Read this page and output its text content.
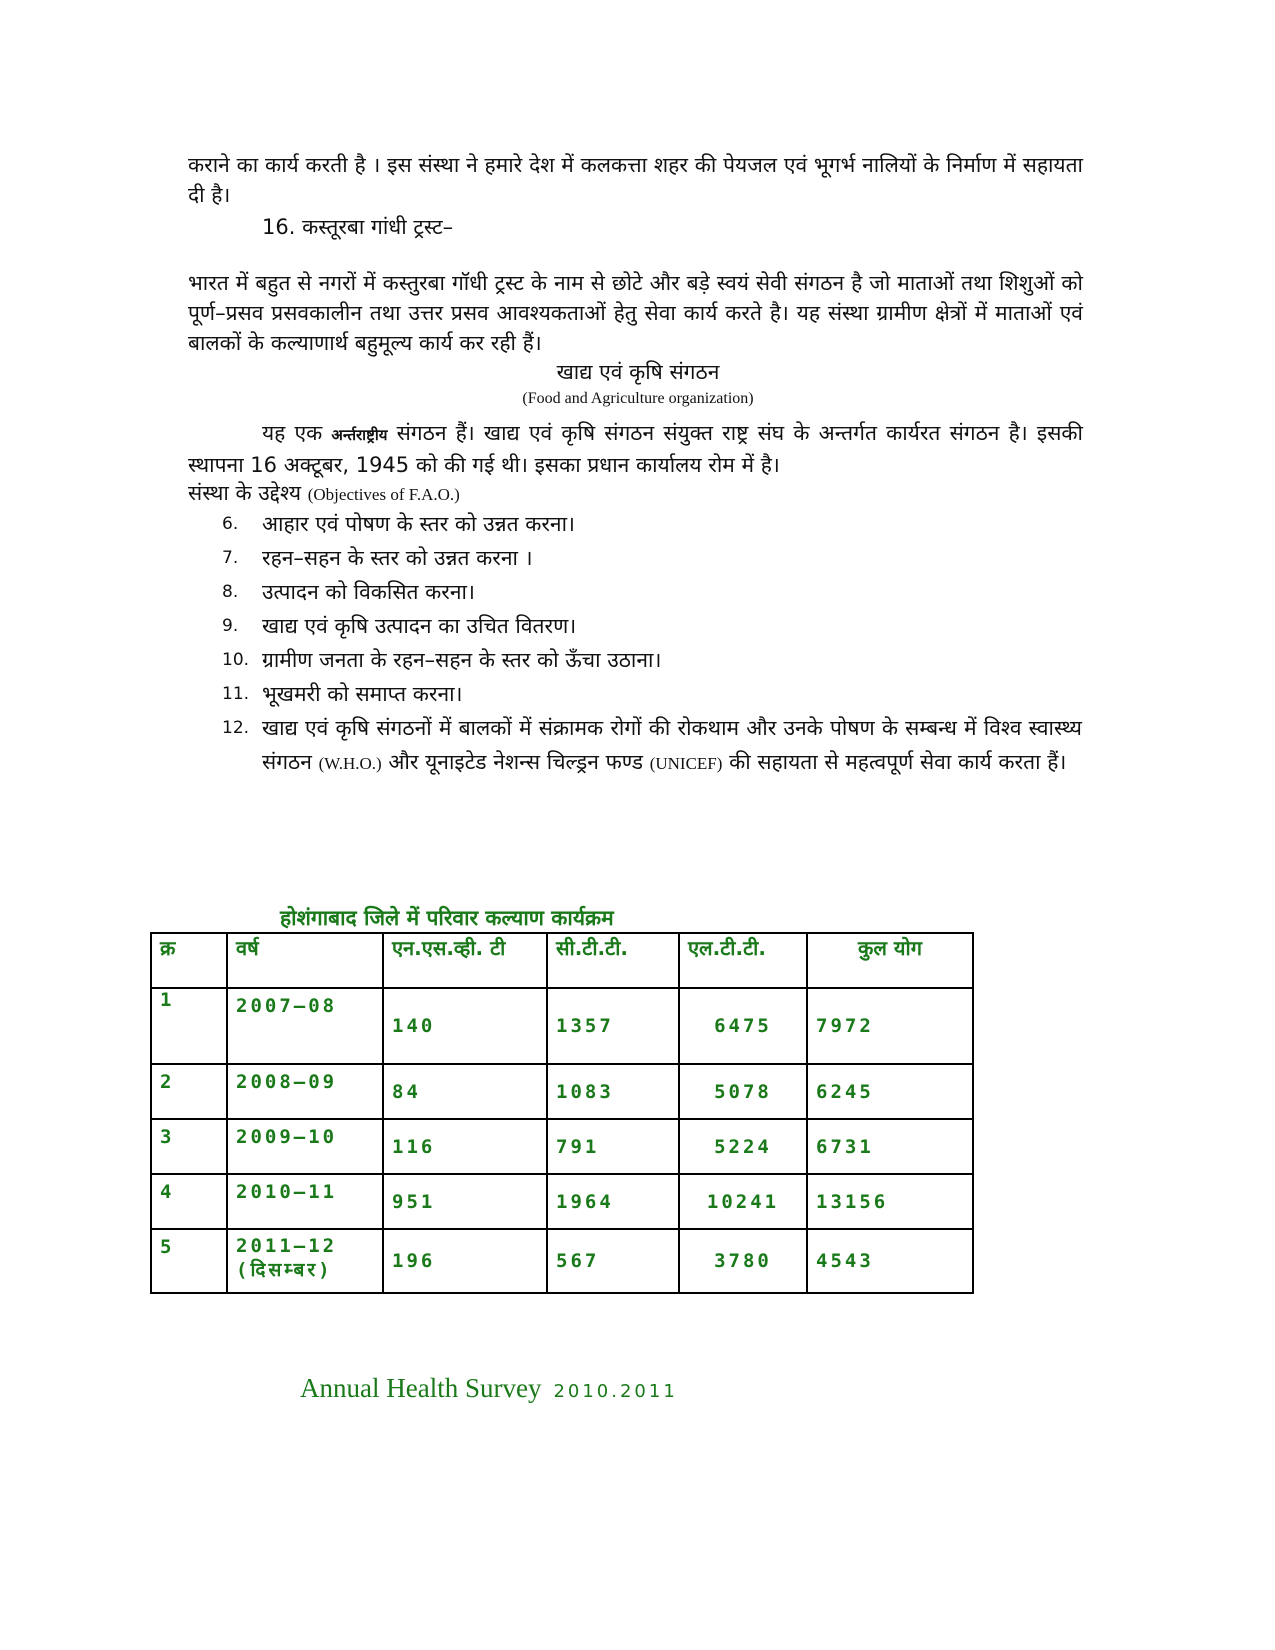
कराने का कार्य करती है । इस संस्था ने हमारे देश में कलकत्ता शहर की पेयजल एवं भूगर्भ नालियों के निर्माण में सहायता दी है।
16. कस्तूरबा गांधी ट्रस्ट–
भारत में बहुत से नगरों में कस्तुरबा गॉधी ट्रस्ट के नाम से छोटे और बड़े स्वयं सेवी संगठन है जो माताओं तथा शिशुओं को पूर्ण–प्रसव प्रसवकालीन तथा उत्तर प्रसव आवश्यकताओं हेतु सेवा कार्य करते है। यह संस्था ग्रामीण क्षेत्रों में माताओं एवं बालकों के कल्याणार्थ बहुमूल्य कार्य कर रही हैं।
खाद्य एवं कृषि संगठन
(Food and Agriculture organization)
यह एक अर्न्तराष्ट्रीय संगठन हैं। खाद्य एवं कृषि संगठन संयुक्त राष्ट्र संघ के अन्तर्गत कार्यरत संगठन है। इसकी स्थापना 16 अक्टूबर, 1945 को की गई थी। इसका प्रधान कार्यालय रोम में है।
संस्था के उद्देश्य (Objectives of F.A.O.)
6. आहार एवं पोषण के स्तर को उन्नत करना।
7. रहन–सहन के स्तर को उन्नत करना ।
8. उत्पादन को विकसित करना।
9. खाद्य एवं कृषि उत्पादन का उचित वितरण।
10. ग्रामीण जनता के रहन–सहन के स्तर को ऊँचा उठाना।
11. भूखमरी को समाप्त करना।
12. खाद्य एवं कृषि संगठनों में बालकों में संक्रामक रोगों की रोकथाम और उनके पोषण के सम्बन्ध में विश्व स्वास्थ्य संगठन (W.H.O.) और यूनाइटेड नेशन्स चिल्ड्रन फण्ड (UNICEF) की सहायता से महत्वपूर्ण सेवा कार्य करता हैं।
होशंगाबाद जिले में परिवार कल्याण कार्यक्रम
क्र	वर्ष	एन.एस.व्ही. टी	सी.टी.टी.	एल.टी.टी.	कुल योग
1	2007–08	140	1357	6475	7972
2	2008–09	84	1083	5078	6245
3	2009–10	116	791	5224	6731
4	2010–11	951	1964	10241	13156
5	2011–12 (दिसम्बर)	196	567	3780	4543
Annual Health Survey 2010.2011
